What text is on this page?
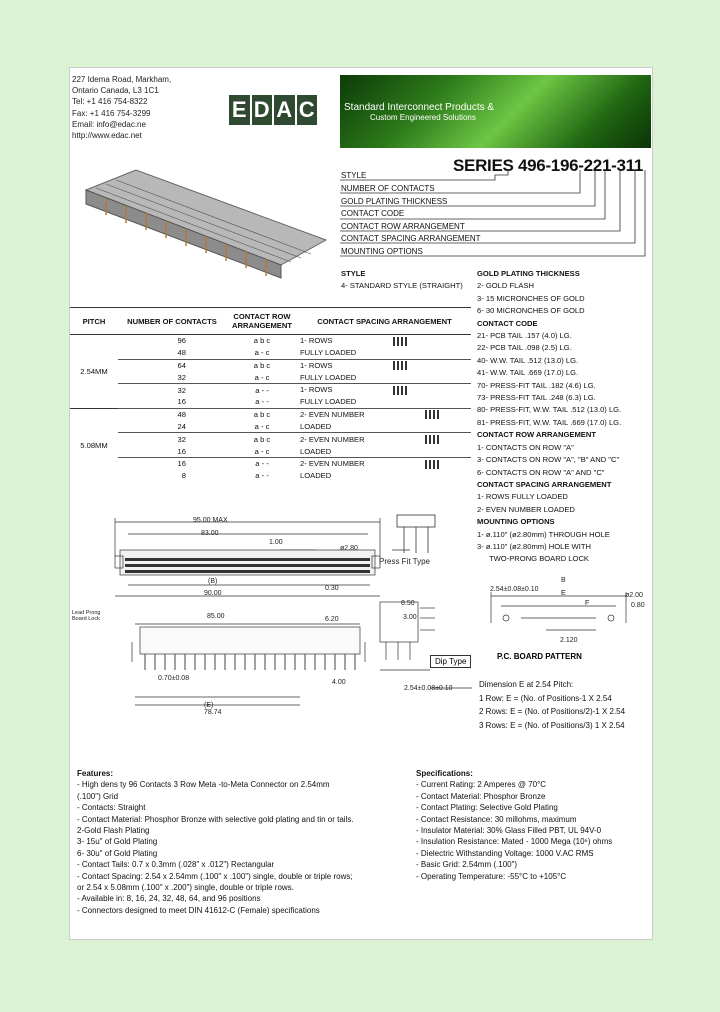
227 Idema Road, Markham,
Ontario Canada, L3 1C1
Tel: +1 416 754-8322
Fax: +1 416 754-3299
Email: info@edac.ne
http://www.edac.net
E D A C	Standard Interconnect Products &
Custom Engineered Solutions
SERIES 496-196-221-311
STYLE
NUMBER OF CONTACTS
GOLD PLATING THICKNESS
CONTACT CODE
CONTACT ROW ARRANGEMENT
CONTACT SPACING ARRANGEMENT
MOUNTING OPTIONS
STYLE
4- STANDARD STYLE (STRAIGHT)
GOLD PLATING THICKNESS
2- GOLD FLASH
3- 15 MICRONCHES OF GOLD
6- 30 MICRONCHES OF GOLD
CONTACT CODE
21- PCB TAIL .157 (4.0) LG.
22- PCB TAIL .098 (2.5) LG.
40- W.W. TAIL .512 (13.0) LG.
41- W.W. TAIL .669 (17.0) LG.
70- PRESS-FIT TAIL .182 (4.6) LG.
73- PRESS-FIT TAIL .248 (6.3) LG.
80- PRESS-FIT, W.W. TAIL .512 (13.0) LG.
81- PRESS-FIT, W.W. TAIL .669 (17.0) LG.
CONTACT ROW ARRANGEMENT
1- CONTACTS ON ROW "A"
3- CONTACTS ON ROW "A", "B" AND "C"
6- CONTACTS ON ROW "A" AND "C"
CONTACT SPACING ARRANGEMENT
1- ROWS FULLY LOADED
2- EVEN NUMBER LOADED
MOUNTING OPTIONS
1- ø.110" (ø2.80mm) THROUGH HOLE
3- ø.110" (ø2.80mm) HOLE WITH
TWO-PRONG BOARD LOCK
PITCH	NUMBER OF CONTACTS	CONTACT ROW ARRANGEMENT	CONTACT SPACING ARRANGEMENT
2.54MM	96	a b c	1- ROWS
	48	a - c	FULLY LOADED
	64	a b c	1- ROWS
	32	a - c	FULLY LOADED
	32	a - -	1- ROWS
	16	a - -	FULLY LOADED
5.08MM	48	a b c	2- EVEN NUMBER
	24	a - c	LOADED
	32	a b c	2- EVEN NUMBER
	16	a - c	LOADED
	16	a - -	2- EVEN NUMBER
	8	a - -	LOADED
95.00 MAX
83.00
1.00
ø2.80
(B)
90.00
0.30
85.00	6.20
0.70±0.08
(E)
78.74
Lead Prong Board Lock
Press Fit Type
8.50
3.00
4.00
2.54±0.08±0.10
Dip Type
2.54±0.08±0.10
B
E
F
ø2.00
0.80
2.120
P.C. BOARD PATTERN
Dimension E at 2.54 Pitch:
1 Row: E = (No. of Positions-1 X 2.54
2 Rows: E = (No. of Positions/2)-1 X 2.54
3 Rows: E = (No. of Positions/3) 1 X 2.54
Features:
- High dens ty 96 Contacts 3 Row Meta -to-Meta Connector on 2.54mm
(.100") Grid
- Contacts: Straight
- Contact Material: Phosphor Bronze with selective gold plating and tin or tails.
2-Gold Flash Plating
3- 15u" of Gold Plating
6- 30u" of Gold Plating
- Contact Tails: 0.7 x 0.3mm (.028" x .012") Rectangular
- Contact Spacing: 2.54 x 2.54mm (.100" x .100") single, double or triple rows;
or 2.54 x 5.08mm (.100" x .200") single, double or triple rows.
- Available in: 8, 16, 24, 32, 48, 64, and 96 positions
- Connectors designed to meet DIN 41612-C (Female) specifications
Specifications:
- Current Rating: 2 Amperes @ 70°C
- Contact Material: Phosphor Bronze
- Contact Plating: Selective Gold Plating
- Contact Resistance: 30 millohms, maximum
- Insulator Material: 30% Glass Filled PBT, UL 94V-0
- Insulation Resistance: Mated - 1000 Mega (10⁶) ohms
- Dielectric Withstanding Voltage: 1000 V.AC RMS
- Basic Grid: 2.54mm (.100")
- Operating Temperature: -55°C to +105°C
